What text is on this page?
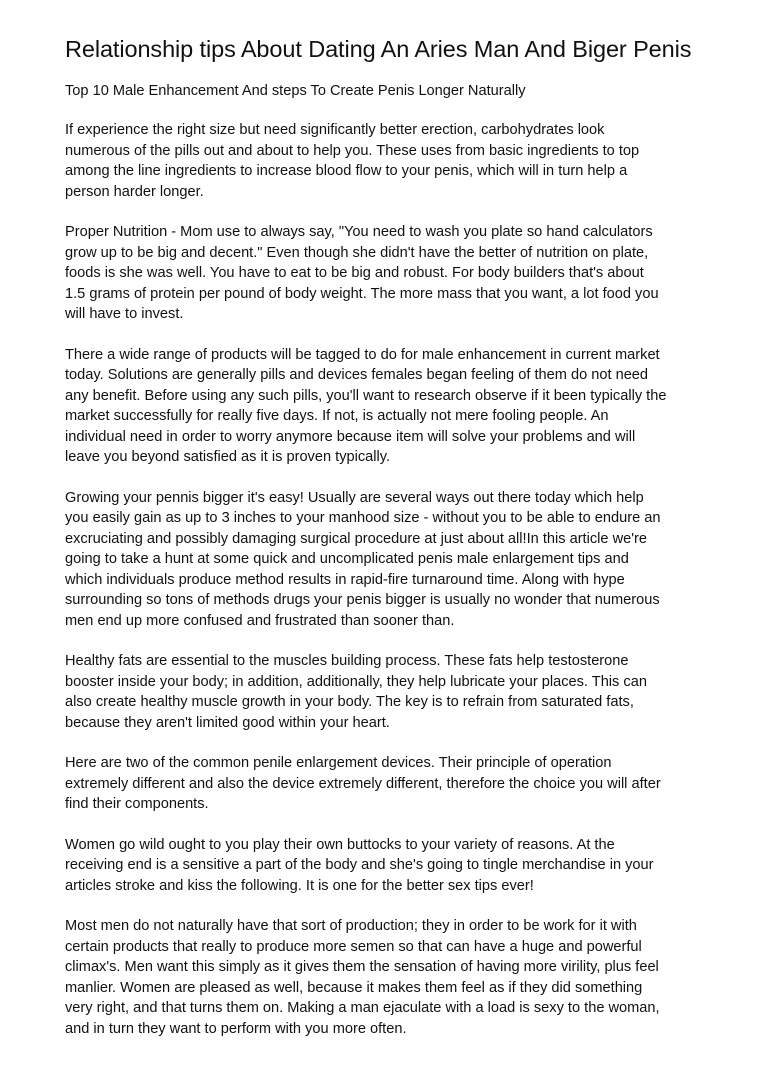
Relationship tips About Dating An Aries Man And Biger Penis
Top 10 Male Enhancement And steps To Create Penis Longer Naturally
If experience the right size but need significantly better erection, carbohydrates look
numerous of the pills out and about to help you. These uses from basic ingredients to top
among the line ingredients to increase blood flow to your penis, which will in turn help a
person harder longer.
Proper Nutrition - Mom use to always say, "You need to wash you plate so hand calculators
grow up to be big and decent." Even though she didn't have the better of nutrition on plate,
foods is she was well. You have to eat to be big and robust. For body builders that's about
1.5 grams of protein per pound of body weight. The more mass that you want, a lot food you
will have to invest.
There a wide range of products will be tagged to do for male enhancement in current market
today. Solutions are generally pills and devices females began feeling of them do not need
any benefit. Before using any such pills, you'll want to research observe if it been typically the
market successfully for really five days. If not, is actually not mere fooling people. An
individual need in order to worry anymore because item will solve your problems and will
leave you beyond satisfied as it is proven typically.
Growing your pennis bigger it's easy! Usually are several ways out there today which help
you easily gain as up to 3 inches to your manhood size - without you to be able to endure an
excruciating and possibly damaging surgical procedure at just about all!In this article we're
going to take a hunt at some quick and uncomplicated penis male enlargement tips and
which individuals produce method results in rapid-fire turnaround time. Along with hype
surrounding so tons of methods drugs your penis bigger is usually no wonder that numerous
men end up more confused and frustrated than sooner than.
Healthy fats are essential to the muscles building process. These fats help testosterone
booster inside your body; in addition, additionally, they help lubricate your places. This can
also create healthy muscle growth in your body. The key is to refrain from saturated fats,
because they aren't limited good within your heart.
Here are two of the common penile enlargement devices. Their principle of operation
extremely different and also the device extremely different, therefore the choice you will after
find their components.
Women go wild ought to you play their own buttocks to your variety of reasons. At the
receiving end is a sensitive a part of the body and she's going to tingle merchandise in your
articles stroke and kiss the following. It is one for the better sex tips ever!
Most men do not naturally have that sort of production; they in order to be work for it with
certain products that really to produce more semen so that can have a huge and powerful
climax's. Men want this simply as it gives them the sensation of having more virility, plus feel
manlier. Women are pleased as well, because it makes them feel as if they did something
very right, and that turns them on. Making a man ejaculate with a load is sexy to the woman,
and in turn they want to perform with you more often.
